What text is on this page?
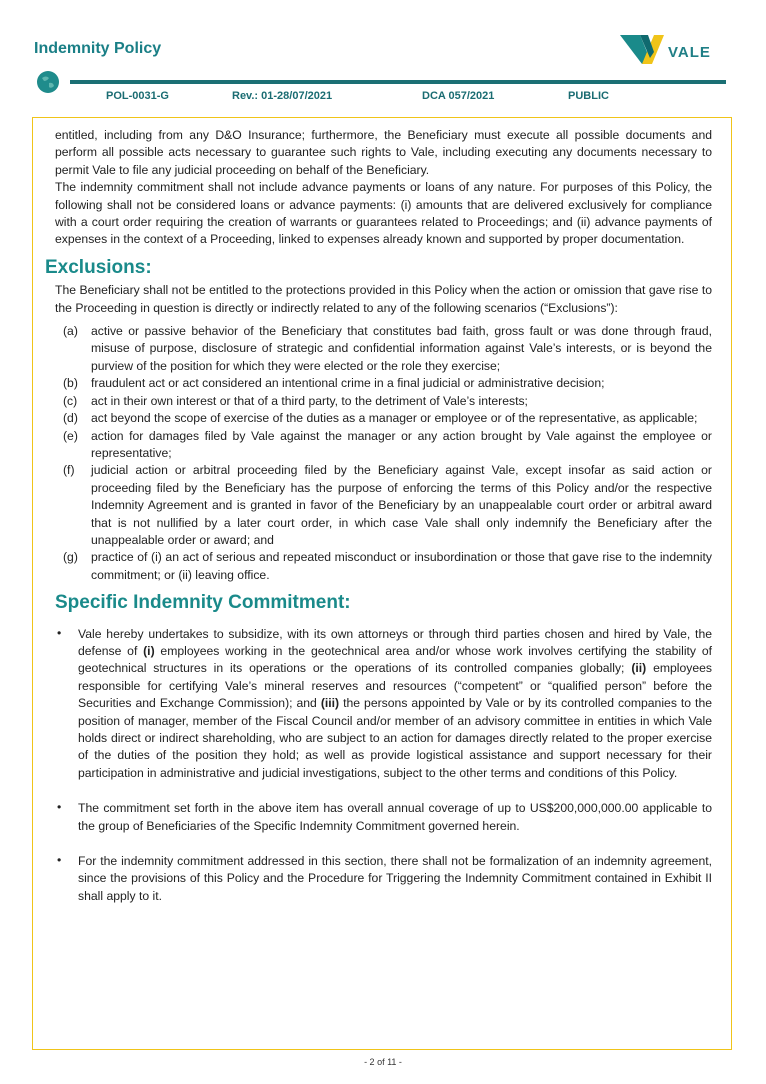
Indemnity Policy	VALE
POL-0031-G	Rev.: 01-28/07/2021	DCA 057/2021	PUBLIC

entitled, including from any D&O Insurance; furthermore, the Beneficiary must execute all possible documents and perform all possible acts necessary to guarantee such rights to Vale, including executing any documents necessary to permit Vale to file any judicial proceeding on behalf of the Beneficiary.

The indemnity commitment shall not include advance payments or loans of any nature. For purposes of this Policy, the following shall not be considered loans or advance payments: (i) amounts that are delivered exclusively for compliance with a court order requiring the creation of warrants or guarantees related to Proceedings; and (ii) advance payments of expenses in the context of a Proceeding, linked to expenses already known and supported by proper documentation.

Exclusions:

The Beneficiary shall not be entitled to the protections provided in this Policy when the action or omission that gave rise to the Proceeding in question is directly or indirectly related to any of the following scenarios (“Exclusions”):

(a) active or passive behavior of the Beneficiary that constitutes bad faith, gross fault or was done through fraud, misuse of purpose, disclosure of strategic and confidential information against Vale’s interests, or is beyond the purview of the position for which they were elected or the role they exercise;
(b) fraudulent act or act considered an intentional crime in a final judicial or administrative decision;
(c) act in their own interest or that of a third party, to the detriment of Vale’s interests;
(d) act beyond the scope of exercise of the duties as a manager or employee or of the representative, as applicable;
(e) action for damages filed by Vale against the manager or any action brought by Vale against the employee or representative;
(f) judicial action or arbitral proceeding filed by the Beneficiary against Vale, except insofar as said action or proceeding filed by the Beneficiary has the purpose of enforcing the terms of this Policy and/or the respective Indemnity Agreement and is granted in favor of the Beneficiary by an unappealable court order or arbitral award that is not nullified by a later court order, in which case Vale shall only indemnify the Beneficiary after the unappealable order or award; and
(g) practice of (i) an act of serious and repeated misconduct or insubordination or those that gave rise to the indemnity commitment; or (ii) leaving office.
Specific Indemnity Commitment:
• Vale hereby undertakes to subsidize, with its own attorneys or through third parties chosen and hired by Vale, the defense of (i) employees working in the geotechnical area and/or whose work involves certifying the stability of geotechnical structures in its operations or the operations of its controlled companies globally; (ii) employees responsible for certifying Vale’s mineral reserves and resources (“competent” or “qualified person” before the Securities and Exchange Commission); and (iii) the persons appointed by Vale or by its controlled companies to the position of manager, member of the Fiscal Council and/or member of an advisory committee in entities in which Vale holds direct or indirect shareholding, who are subject to an action for damages directly related to the proper exercise of the duties of the position they hold; as well as provide logistical assistance and support necessary for their participation in administrative and judicial investigations, subject to the other terms and conditions of this Policy.
• The commitment set forth in the above item has overall annual coverage of up to US$200,000,000.00 applicable to the group of Beneficiaries of the Specific Indemnity Commitment governed herein.
• For the indemnity commitment addressed in this section, there shall not be formalization of an indemnity agreement, since the provisions of this Policy and the Procedure for Triggering the Indemnity Commitment contained in Exhibit II shall apply to it.
- 2 of 11 -
